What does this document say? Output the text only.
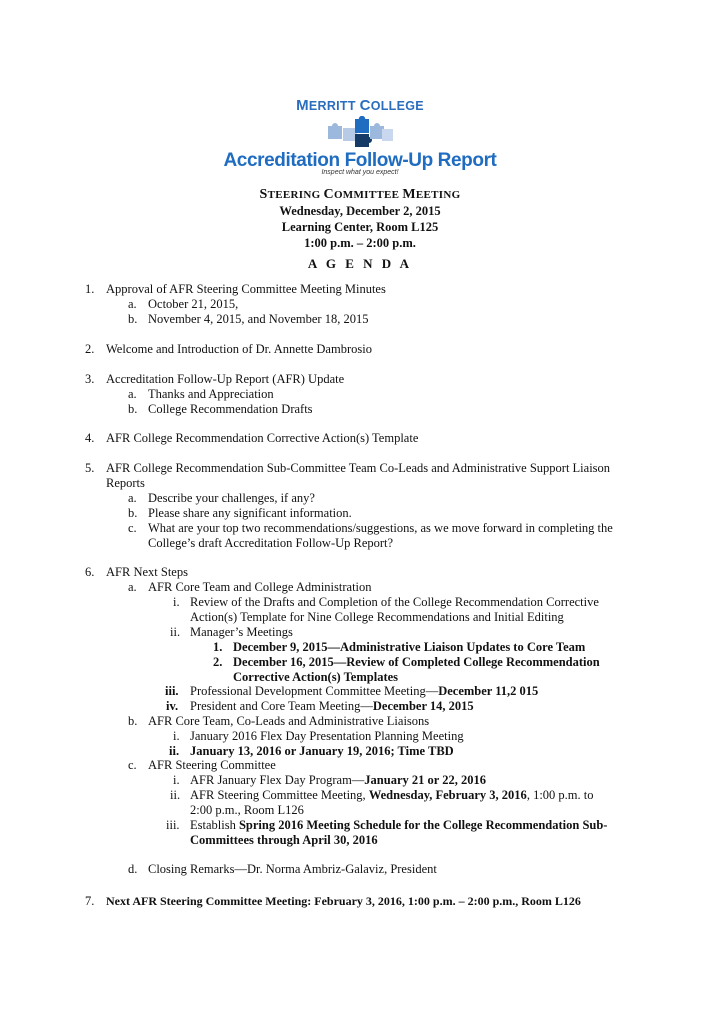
MERRITT COLLEGE
Accreditation Follow-Up Report
Inspect what you expect!
STEERING COMMITTEE MEETING
Wednesday, December 2, 2015
Learning Center, Room L125
1:00 p.m. – 2:00 p.m.
A G E N D A
1. Approval of AFR Steering Committee Meeting Minutes
a. October 21, 2015,
b. November 4, 2015, and November 18, 2015
2. Welcome and Introduction of Dr. Annette Dambrosio
3. Accreditation Follow-Up Report (AFR) Update
a. Thanks and Appreciation
b. College Recommendation Drafts
4. AFR College Recommendation Corrective Action(s) Template
5. AFR College Recommendation Sub-Committee Team Co-Leads and Administrative Support Liaison
Reports
a. Describe your challenges, if any?
b. Please share any significant information.
c. What are your top two recommendations/suggestions, as we move forward in completing the
College’s draft Accreditation Follow-Up Report?
6. AFR Next Steps
a. AFR Core Team and College Administration
i. Review of the Drafts and Completion of the College Recommendation Corrective
Action(s) Template for Nine College Recommendations and Initial Editing
ii. Manager’s Meetings
1. December 9, 2015—Administrative Liaison Updates to Core Team
2. December 16, 2015—Review of Completed College Recommendation
Corrective Action(s) Templates
iii. Professional Development Committee Meeting—December 11,2 015
iv. President and Core Team Meeting—December 14, 2015
b. AFR Core Team, Co-Leads and Administrative Liaisons
i. January 2016 Flex Day Presentation Planning Meeting
ii. January 13, 2016 or January 19, 2016; Time TBD
c. AFR Steering Committee
i. AFR January Flex Day Program—January 21 or 22, 2016
ii. AFR Steering Committee Meeting, Wednesday, February 3, 2016, 1:00 p.m. to
2:00 p.m., Room L126
iii. Establish Spring 2016 Meeting Schedule for the College Recommendation Sub-
Committees through April 30, 2016
d. Closing Remarks—Dr. Norma Ambriz-Galaviz, President
7. Next AFR Steering Committee Meeting: February 3, 2016, 1:00 p.m. – 2:00 p.m., Room L126
